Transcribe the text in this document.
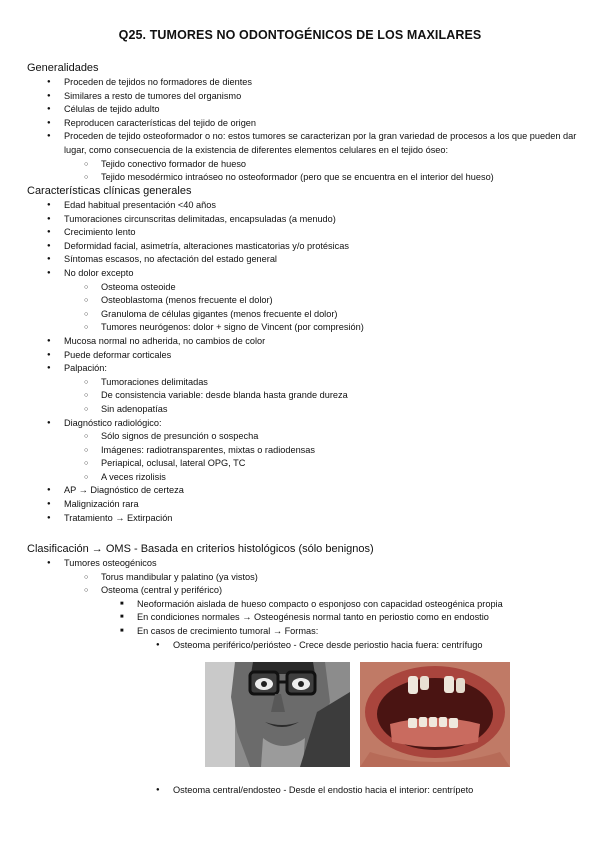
Q25. TUMORES NO ODONTOGÉNICOS DE LOS MAXILARES
Generalidades
● Proceden de tejidos no formadores de dientes
● Similares a resto de tumores del organismo
● Células de tejido adulto
● Reproducen características del tejido de origen
● Proceden de tejido osteoformador o no: estos tumores se caracterizan por la gran variedad de procesos a los que pueden dar lugar, como consecuencia de la existencia de diferentes elementos celulares en el tejido óseo:
○ Tejido conectivo formador de hueso
○ Tejido mesodérmico intraóseo no osteoformador (pero que se encuentra en el interior del hueso)
Características clínicas generales
● Edad habitual presentación <40 años
● Tumoraciones circunscritas delimitadas, encapsuladas (a menudo)
● Crecimiento lento
● Deformidad facial, asimetría, alteraciones masticatorias y/o protésicas
● Síntomas escasos, no afectación del estado general
● No dolor excepto
○ Osteoma osteoide
○ Osteoblastoma (menos frecuente el dolor)
○ Granuloma de células gigantes (menos frecuente el dolor)
○ Tumores neurógenos: dolor + signo de Vincent (por compresión)
● Mucosa normal no adherida, no cambios de color
● Puede deformar corticales
● Palpación:
○ Tumoraciones delimitadas
○ De consistencia variable: desde blanda hasta grande dureza
○ Sin adenopatías
● Diagnóstico radiológico:
○ Sólo signos de presunción o sospecha
○ Imágenes: radiotransparentes, mixtas o radiodensas
○ Periapical, oclusal, lateral OPG, TC
○ A veces rizolisis
● AP → Diagnóstico de certeza
● Malignización rara
● Tratamiento → Extirpación
Clasificación → OMS - Basada en criterios histológicos (sólo benignos)
● Tumores osteogénicos
○ Torus mandibular y palatino (ya vistos)
○ Osteoma (central y periférico)
■ Neoformación aislada de hueso compacto o esponjoso con capacidad osteogénica propia
■ En condiciones normales → Osteogénesis normal tanto en periostio como en endostio
■ En casos de crecimiento tumoral → Formas:
● Osteoma periférico/periósteo - Crece desde periostio hacia fuera: centrífugo
● Osteoma central/endosteo - Desde el endostio hacia el interior: centrípeto
